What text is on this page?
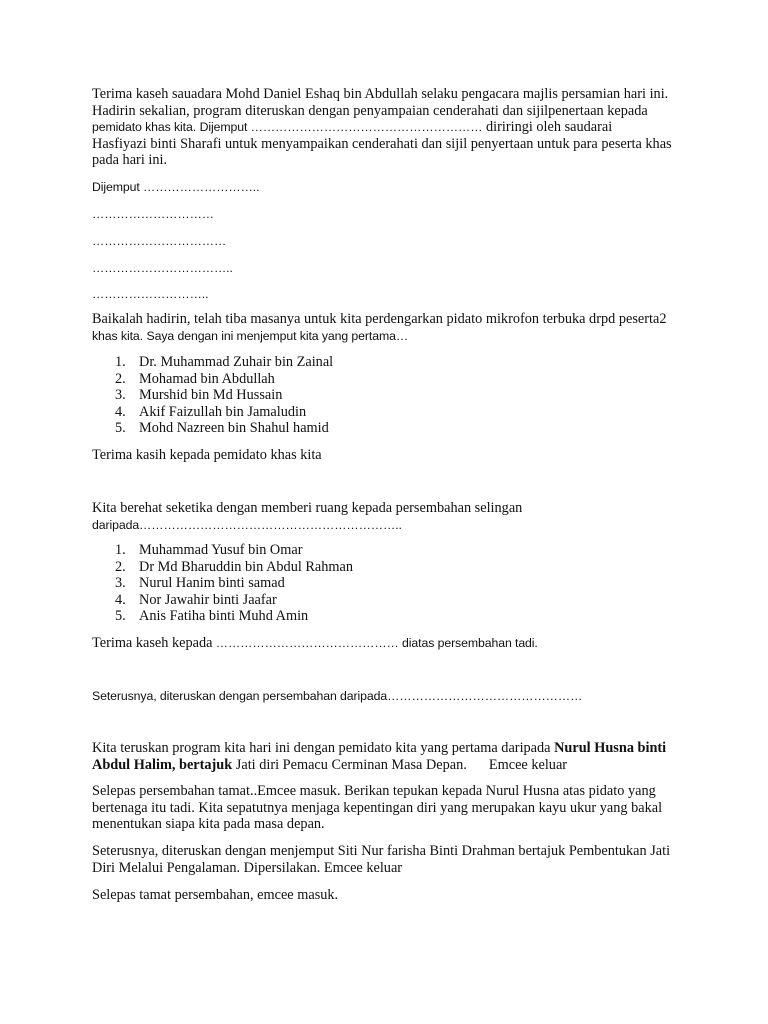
Terima kaseh sauadara Mohd Daniel Eshaq bin Abdullah selaku pengacara majlis persamian hari ini.

Hadirin sekalian, program diteruskan dengan penyampaian cenderahati dan sijilpenertaan kepada

pemidato khas kita. Dijemput ………………………………………………… diriringi oleh saudarai

Hasfiyazi binti Sharafi untuk menyampaikan cenderahati dan sijil penyertaan untuk para peserta khas

pada hari ini.

Dijemput ………………………..

…………………………

……………………………

……………………………..

………………………..

Baikalah hadirin, telah tiba masanya untuk kita perdengarkan pidato mikrofon terbuka drpd peserta2

khas kita. Saya dengan ini menjemput kita yang pertama…

1. Dr. Muhammad Zuhair bin Zainal
2. Mohamad bin Abdullah
3. Murshid bin Md Hussain
4. Akif Faizullah bin Jamaludin
5. Mohd Nazreen bin Shahul hamid

Terima kasih kepada pemidato khas kita

Kita berehat seketika dengan memberi ruang kepada persembahan selingan

daripada………………………………………………………..

1. Muhammad Yusuf bin Omar
2. Dr Md Bharuddin bin Abdul Rahman
3. Nurul Hanim binti samad
4. Nor Jawahir binti Jaafar
5. Anis Fatiha binti Muhd Amin

Terima kaseh kepada ……………………………………… diatas persembahan tadi.

Seterusnya, diteruskan dengan persembahan daripada…………………………………………

Kita teruskan program kita hari ini dengan pemidato kita yang pertama daripada Nurul Husna binti

Abdul Halim, bertajuk Jati diri Pemacu Cerminan Masa Depan. Emcee keluar

Selepas persembahan tamat..Emcee masuk. Berikan tepukan kepada Nurul Husna atas pidato yang

bertenaga itu tadi. Kita sepatutnya menjaga kepentingan diri yang merupakan kayu ukur yang bakal

menentukan siapa kita pada masa depan.

Seterusnya, diteruskan dengan menjemput Siti Nur farisha Binti Drahman bertajuk Pembentukan Jati

Diri Melalui Pengalaman. Dipersilakan. Emcee keluar

Selepas tamat persembahan, emcee masuk.
